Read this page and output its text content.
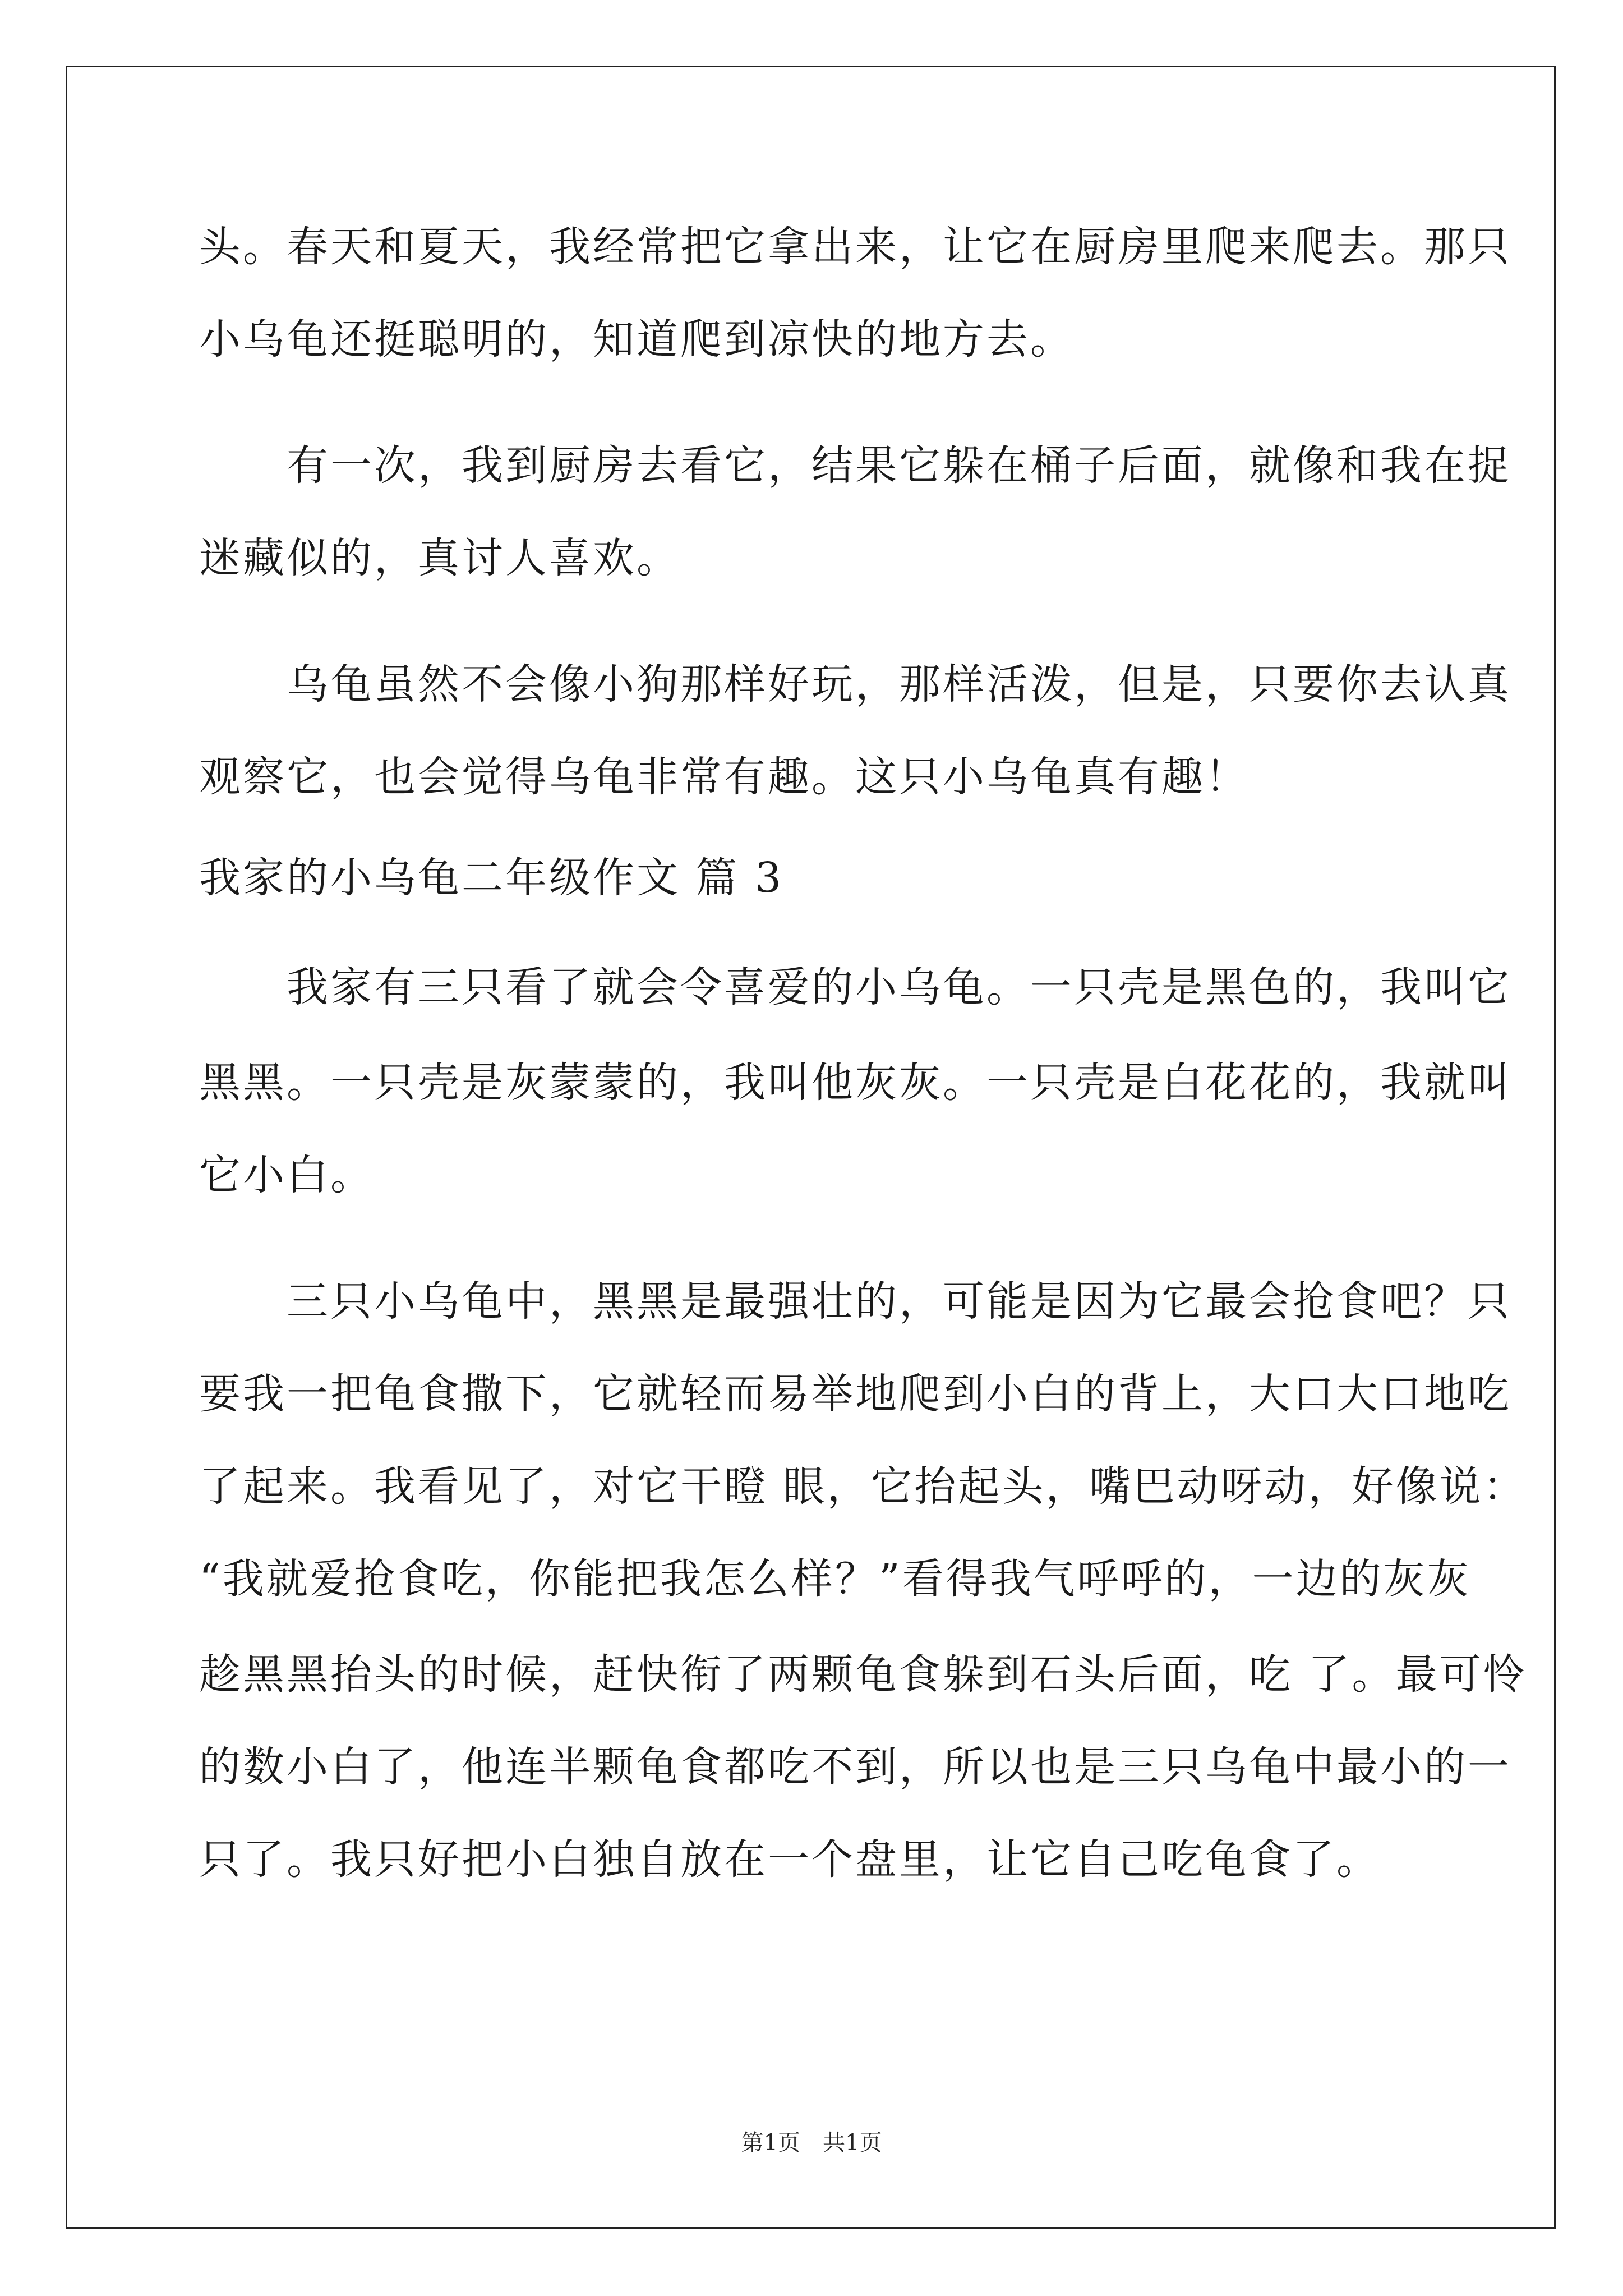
头。春天和夏天，我经常把它拿出来，让它在厨房里爬来爬去。那只
小乌龟还挺聪明的，知道爬到凉快的地方去。
　　有一次，我到厨房去看它，结果它躲在桶子后面，就像和我在捉
迷藏似的，真讨人喜欢。
　　乌龟虽然不会像小狗那样好玩，那样活泼，但是，只要你去认真
观察它，也会觉得乌龟非常有趣。这只小乌龟真有趣！
我家的小乌龟二年级作文 篇 3
　　我家有三只看了就会令喜爱的小乌龟。一只壳是黑色的，我叫它
黑黑。一只壳是灰蒙蒙的，我叫他灰灰。一只壳是白花花的，我就叫
它小白。
　　三只小乌龟中，黑黑是最强壮的，可能是因为它最会抢食吧？只
要我一把龟食撒下，它就轻而易举地爬到小白的背上，大口大口地吃
了起来。我看见了，对它干瞪 眼，它抬起头，嘴巴动呀动，好像说：
“我就爱抢食吃，你能把我怎么样？”看得我气呼呼的，一边的灰灰
趁黑黑抬头的时候，赶快衔了两颗龟食躲到石头后面，吃 了。最可怜
的数小白了，他连半颗龟食都吃不到，所以也是三只乌龟中最小的一
只了。我只好把小白独自放在一个盘里，让它自己吃龟食了。
第1页　共1页
